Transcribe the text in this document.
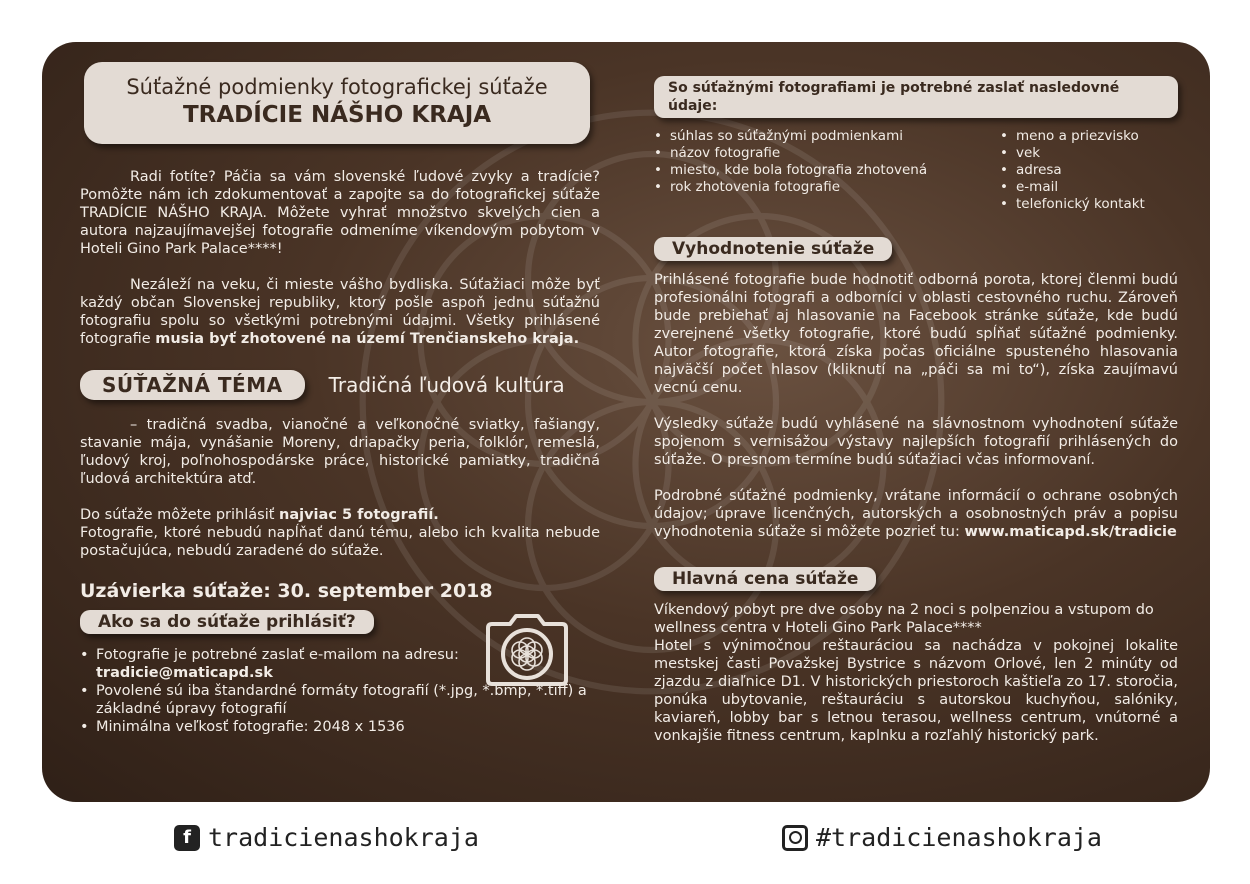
Súťažné podmienky fotografickej súťaže
TRADÍCIE NÁŠHO KRAJA

Radi fotíte? Páčia sa vám slovenské ľudové zvyky a tradície? Pomôžte nám ich zdokumentovať a zapojte sa do fotografickej súťaže TRADÍCIE NÁŠHO KRAJA. Môžete vyhrať množstvo skvelých cien a autora najzaujímavejšej fotografie odmeníme víkendovým pobytom v Hoteli Gino Park Palace****!

Nezáleží na veku, či mieste vášho bydliska. Súťažiaci môže byť každý občan Slovenskej republiky, ktorý pošle aspoň jednu súťažnú fotografiu spolu so všetkými potrebnými údajmi. Všetky prihlásené fotografie musia byť zhotovené na území Trenčianskeho kraja.

SÚŤAŽNÁ TÉMA	Tradičná ľudová kultúra

– tradičná svadba, vianočné a veľkonočné sviatky, fašiangy, stavanie mája, vynášanie Moreny, driapačky peria, folklór, remeslá, ľudový kroj, poľnohospodárske práce, historické pamiatky, tradičná ľudová architektúra atď.

Do súťaže môžete prihlásiť najviac 5 fotografií.
Fotografie, ktoré nebudú napĺňať danú tému, alebo ich kvalita nebude postačujúca, nebudú zaradené do súťaže.

Uzávierka súťaže: 30. september 2018
Ako sa do súťaže prihlásiť?
• Fotografie je potrebné zaslať e-mailom na adresu:
tradicie@maticapd.sk
• Povolené sú iba štandardné formáty fotografií (*.jpg, *.bmp, *.tiff) a základné úpravy fotografií
• Minimálna veľkosť fotografie: 2048 x 1536
So súťažnými fotografiami je potrebné zaslať nasledovné údaje:
• súhlas so súťažnými podmienkami
• názov fotografie
• miesto, kde bola fotografia zhotovená
• rok zhotovenia fotografie
• meno a priezvisko
• vek
• adresa
• e-mail
• telefonický kontakt
Vyhodnotenie súťaže

Prihlásené fotografie bude hodnotiť odborná porota, ktorej členmi budú profesionálni fotografi a odborníci v oblasti cestovného ruchu. Zároveň bude prebiehať aj hlasovanie na Facebook stránke súťaže, kde budú zverejnené všetky fotografie, ktoré budú spĺňať súťažné podmienky. Autor fotografie, ktorá získa počas oficiálne spusteného hlasovania najväčší počet hlasov (kliknutí na „páči sa mi to“), získa zaujímavú vecnú cenu.

Výsledky súťaže budú vyhlásené na slávnostnom vyhodnotení súťaže spojenom s vernisážou výstavy najlepších fotografií prihlásených do súťaže. O presnom termíne budú súťažiaci včas informovaní.

Podrobné súťažné podmienky, vrátane informácií o ochrane osobných údajov; úprave licenčných, autorských a osobnostných práv a popisu vyhodnotenia súťaže si môžete pozrieť tu: www.maticapd.sk/tradicie

Hlavná cena súťaže

Víkendový pobyt pre dve osoby na 2 noci s polpenziou a vstupom do wellness centra v Hoteli Gino Park Palace****

Hotel s výnimočnou reštauráciou sa nachádza v pokojnej lokalite mestskej časti Považskej Bystrice s názvom Orlové, len 2 minúty od zjazdu z diaľnice D1. V historických priestoroch kaštieľa zo 17. storočia, ponúka ubytovanie, reštauráciu s autorskou kuchyňou, salóniky, kaviareň, lobby bar s letnou terasou, wellness centrum, vnútorné a vonkajšie fitness centrum, kaplnku a rozľahlý historický park.

f tradicienashokraja	#tradicienashokraja
